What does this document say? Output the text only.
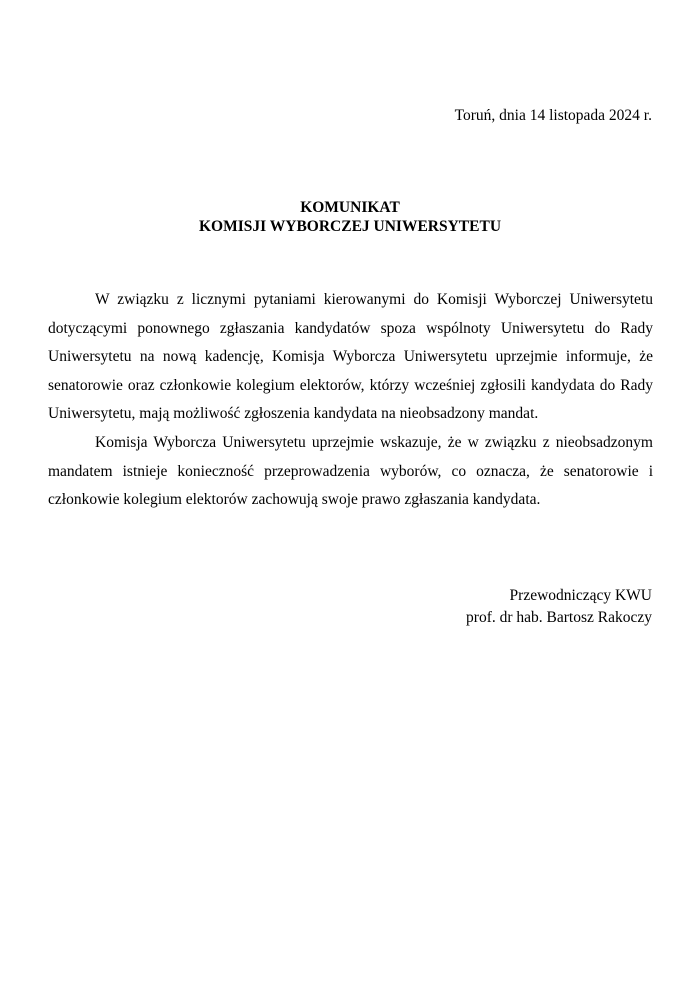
Toruń, dnia 14 listopada 2024 r.
KOMUNIKAT
KOMISJI WYBORCZEJ UNIWERSYTETU

W związku z licznymi pytaniami kierowanymi do Komisji Wyborczej Uniwersytetu dotyczącymi ponownego zgłaszania kandydatów spoza wspólnoty Uniwersytetu do Rady Uniwersytetu na nową kadencję, Komisja Wyborcza Uniwersytetu uprzejmie informuje, że senatorowie oraz członkowie kolegium elektorów, którzy wcześniej zgłosili kandydata do Rady Uniwersytetu, mają możliwość zgłoszenia kandydata na nieobsadzony mandat.

Komisja Wyborcza Uniwersytetu uprzejmie wskazuje, że w związku z nieobsadzonym mandatem istnieje konieczność przeprowadzenia wyborów, co oznacza, że senatorowie i członkowie kolegium elektorów zachowują swoje prawo zgłaszania kandydata.

Przewodniczący KWU
prof. dr hab. Bartosz Rakoczy
